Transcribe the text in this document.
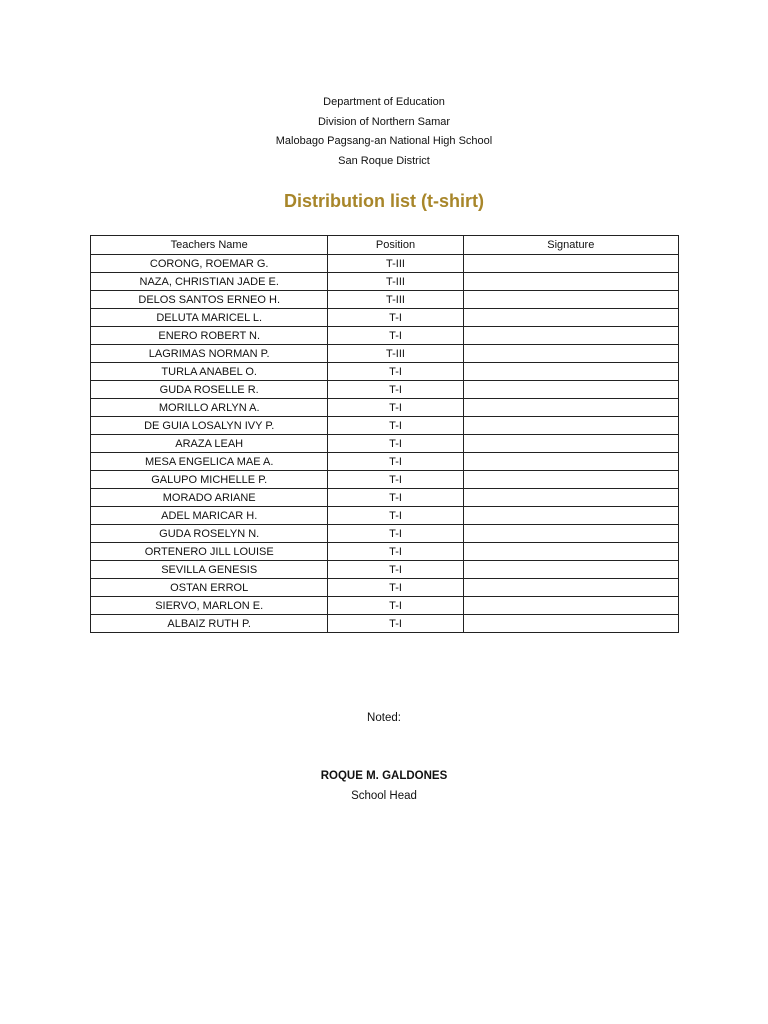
Department of Education
Division of Northern Samar
Malobago Pagsang-an National High School
San Roque District
Distribution list (t-shirt)
Teachers Name	Position	Signature
CORONG, ROEMAR G.	T-III	
NAZA, CHRISTIAN JADE E.	T-III	
DELOS SANTOS ERNEO H.	T-III	
DELUTA MARICEL L.	T-I	
ENERO ROBERT N.	T-I	
LAGRIMAS NORMAN P.	T-III	
TURLA ANABEL O.	T-I	
GUDA ROSELLE R.	T-I	
MORILLO ARLYN A.	T-I	
DE GUIA LOSALYN IVY P.	T-I	
ARAZA LEAH	T-I	
MESA ENGELICA MAE A.	T-I	
GALUPO MICHELLE P.	T-I	
MORADO ARIANE	T-I	
ADEL MARICAR H.	T-I	
GUDA ROSELYN N.	T-I	
ORTENERO JILL LOUISE	T-I	
SEVILLA GENESIS	T-I	
OSTAN ERROL	T-I	
SIERVO, MARLON E.	T-I	
ALBAIZ RUTH P.	T-I	
Noted:
ROQUE M. GALDONES
School Head
